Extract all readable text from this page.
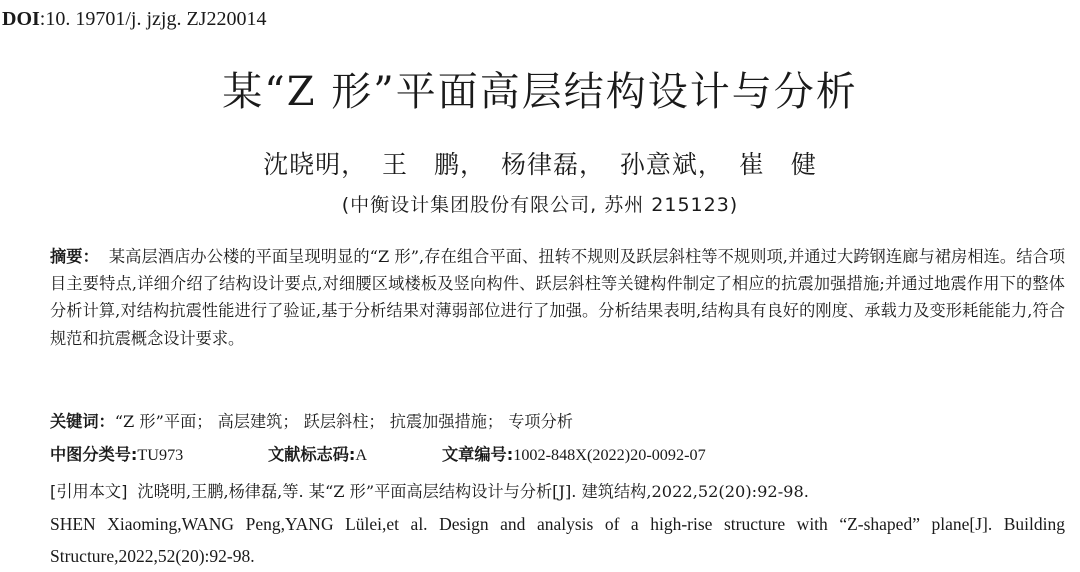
DOI:10. 19701/j. jzjg. ZJ220014
某“Z 形”平面高层结构设计与分析
沈晓明， 王　鹏， 杨律磊， 孙意斌， 崔　健
(中衡设计集团股份有限公司, 苏州 215123)
摘要： 某高层酒店办公楼的平面呈现明显的“Z 形”,存在组合平面、扭转不规则及跃层斜柱等不规则项,并通过大跨钢连廊与裙房相连。结合项目主要特点,详细介绍了结构设计要点,对细腰区域楼板及竖向构件、跃层斜柱等关键构件制定了相应的抗震加强措施;并通过地震作用下的整体分析计算,对结构抗震性能进行了验证,基于分析结果对薄弱部位进行了加强。分析结果表明,结构具有良好的刚度、承载力及变形耗能能力,符合规范和抗震概念设计要求。
关键词：“Z 形”平面； 高层建筑； 跃层斜柱； 抗震加强措施； 专项分析
中图分类号:TU973	文献标志码:A	文章编号:1002-848X(2022)20-0092-07
[引用本文] 沈晓明,王鹏,杨律磊,等. 某“Z 形”平面高层结构设计与分析[J]. 建筑结构,2022,52(20):92-98.
SHEN Xiaoming,WANG Peng,YANG Lülei,et al. Design and analysis of a high-rise structure with “Z-shaped” plane[J]. Building Structure,2022,52(20):92-98.
